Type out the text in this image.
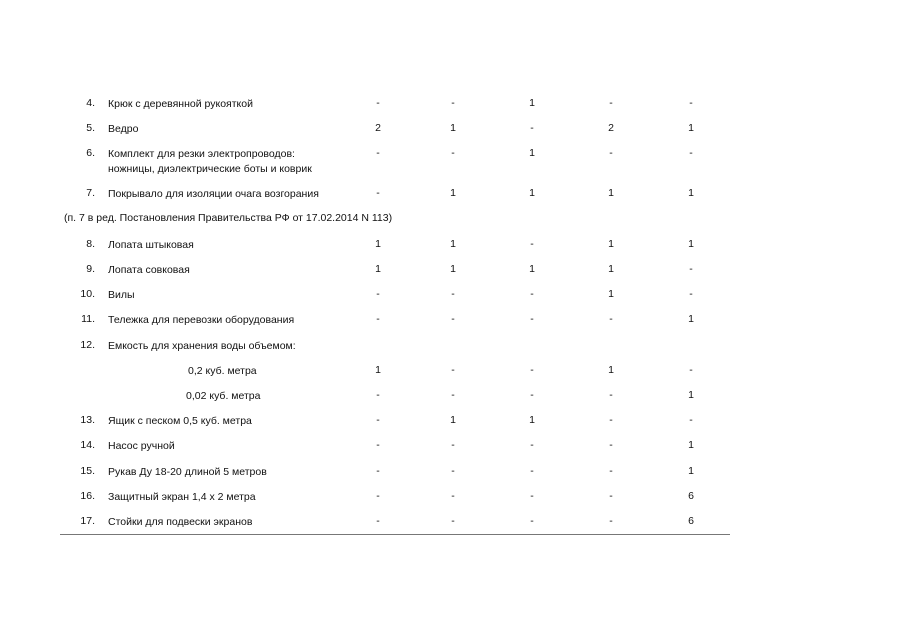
4. Крюк с деревянной рукояткой	-	-	1	-	-
5. Ведро	2	1	-	2	1
6. Комплект для резки электропроводов:
ножницы, диэлектрические боты и коврик
-	-	1	-	-
7. Покрывало для изоляции очага возгорания	-	1	1	1	1
(п. 7 в ред. Постановления Правительства РФ от 17.02.2014 N 113)
8. Лопата штыковая	1	1	-	1	1
9. Лопата совковая	1	1	1	1	-
10. Вилы	-	-	-	1	-
11. Тележка для перевозки оборудования	-	-	-	-	1
12. Емкость для хранения воды объемом:
0,2 куб. метра	1	-	-	1	-
0,02 куб. метра	-	-	-	-	1
13. Ящик с песком 0,5 куб. метра	-	1	1	-	-
14. Насос ручной	-	-	-	-	1
15. Рукав Ду 18-20 длиной 5 метров	-	-	-	-	1
16. Защитный экран 1,4 х 2 метра	-	-	-	-	6
17. Стойки для подвески экранов	-	-	-	-	6
